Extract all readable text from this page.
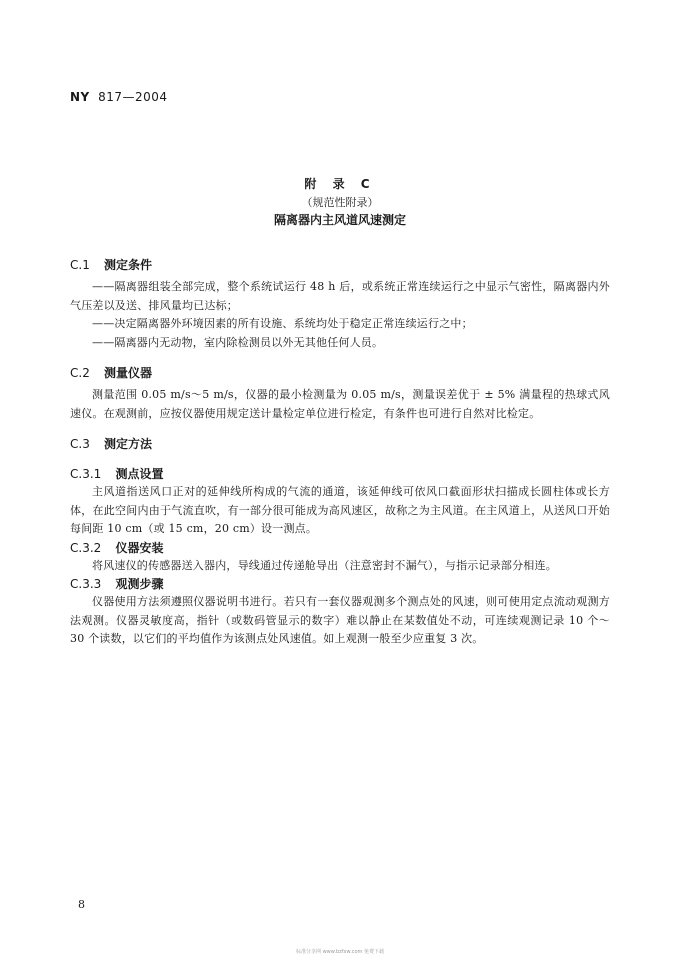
NY 817—2004
附 录 C
（规范性附录）
隔离器内主风道风速测定
C.1 测定条件

——隔离器组装全部完成，整个系统试运行 48 h 后，或系统正常连续运行之中显示气密性，隔离器内外气压差以及送、排风量均已达标；

——决定隔离器外环境因素的所有设施、系统均处于稳定正常连续运行之中；

——隔离器内无动物，室内除检测员以外无其他任何人员。

C.2 测量仪器

测量范围 0.05 m/s～5 m/s，仪器的最小检测量为 0.05 m/s，测量误差优于 ± 5% 满量程的热球式风速仪。在观测前，应按仪器使用规定送计量检定单位进行检定，有条件也可进行自然对比检定。

C.3 测定方法
C.3.1 测点设置

主风道指送风口正对的延伸线所构成的气流的通道，该延伸线可依风口截面形状扫描成长圆柱体或长方体，在此空间内由于气流直吹，有一部分很可能成为高风速区，故称之为主风道。在主风道上，从送风口开始每间距 10 cm（或 15 cm，20 cm）设一测点。

C.3.2 仪器安装

将风速仪的传感器送入器内，导线通过传递舱导出（注意密封不漏气），与指示记录部分相连。

C.3.3 观测步骤

仪器使用方法须遵照仪器说明书进行。若只有一套仪器观测多个测点处的风速，则可使用定点流动观测方法观测。仪器灵敏度高，指针（或数码管显示的数字）难以静止在某数值处不动，可连续观测记录 10 个～30 个读数，以它们的平均值作为该测点处风速值。如上观测一般至少应重复 3 次。

8
标准分享网 www.bzfxw.com 免费下载
